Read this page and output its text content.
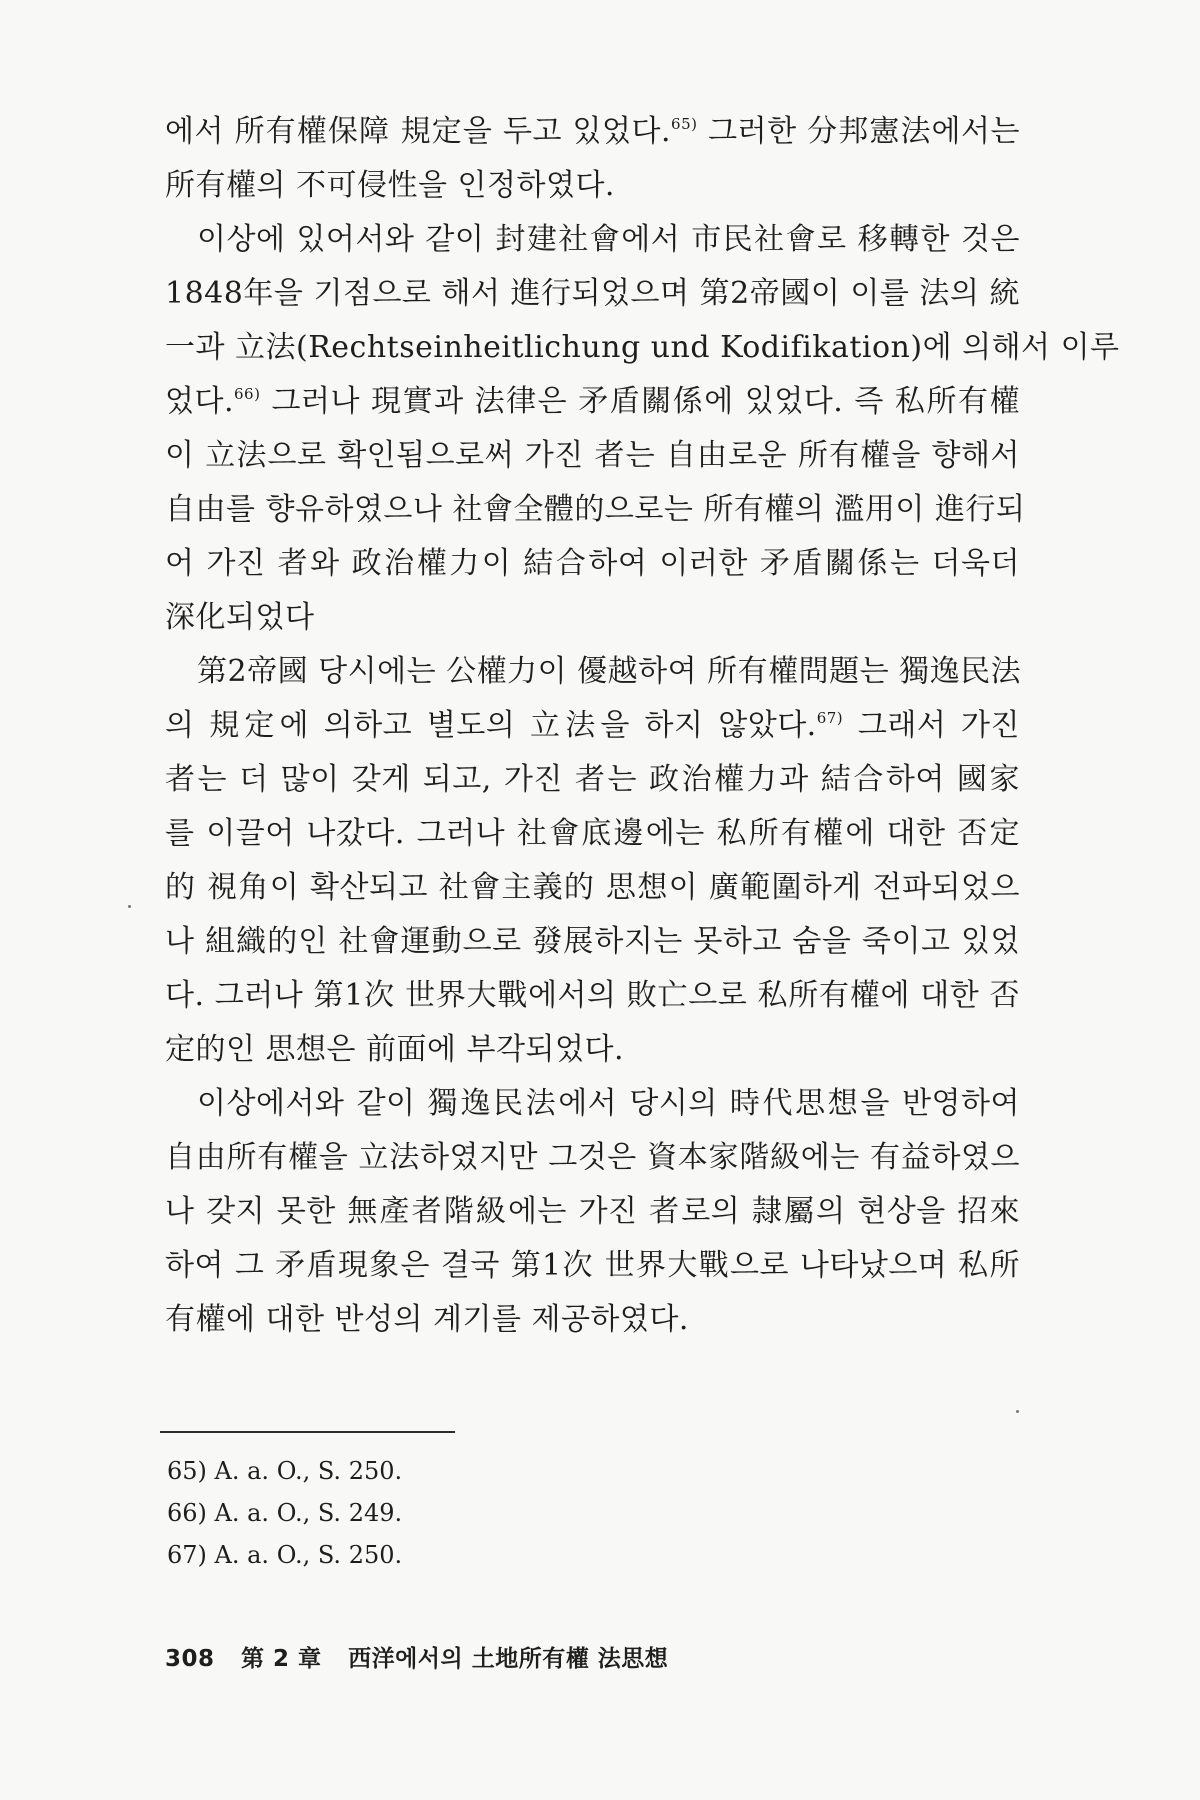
에서 所有權保障 規定을 두고 있었다.$^{65)}$ 그러한 分邦憲法에서는
所有權의 不可侵性을 인정하였다.
이상에 있어서와 같이 封建社會에서 市民社會로 移轉한 것은
1848年을 기점으로 해서 進行되었으며 第2帝國이 이를 法의 統
一과 立法(Rechtseinheitlichung und Kodifikation)에 의해서 이루
었다.$^{66)}$ 그러나 現實과 法律은 矛盾關係에 있었다. 즉 私所有權
이 立法으로 확인됨으로써 가진 者는 自由로운 所有權을 향해서
自由를 향유하였으나 社會全體的으로는 所有權의 濫用이 進行되
어 가진 者와 政治權力이 結合하여 이러한 矛盾關係는 더욱더
深化되었다
第2帝國 당시에는 公權力이 優越하여 所有權問題는 獨逸民法
의 規定에 의하고 별도의 立法을 하지 않았다.$^{67)}$ 그래서 가진
者는 더 많이 갖게 되고, 가진 者는 政治權力과 結合하여 國家
를 이끌어 나갔다. 그러나 社會底邊에는 私所有權에 대한 否定
的 視角이 확산되고 社會主義的 思想이 廣範圍하게 전파되었으
나 組織的인 社會運動으로 發展하지는 못하고 숨을 죽이고 있었
다. 그러나 第1次 世界大戰에서의 敗亡으로 私所有權에 대한 否
定的인 思想은 前面에 부각되었다.
이상에서와 같이 獨逸民法에서 당시의 時代思想을 반영하여
自由所有權을 立法하였지만 그것은 資本家階級에는 有益하였으
나 갖지 못한 無產者階級에는 가진 者로의 隷屬의 현상을 招來
하여 그 矛盾現象은 결국 第1次 世界大戰으로 나타났으며 私所
有權에 대한 반성의 계기를 제공하였다.
65) A. a. O., S. 250.
66) A. a. O., S. 249.
67) A. a. O., S. 250.
308 第 2 章 西洋에서의 土地所有權 法思想
